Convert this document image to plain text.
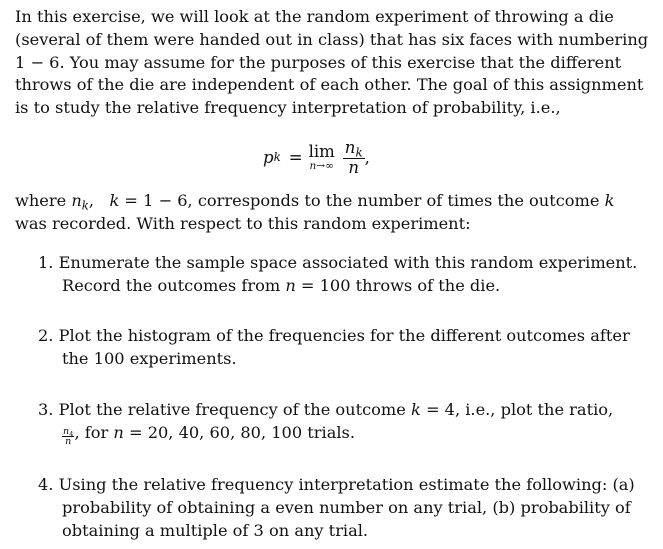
In this exercise, we will look at the random experiment of throwing a die
(several of them were handed out in class) that has six faces with numbering
1 − 6. You may assume for the purposes of this exercise that the different
throws of the die are independent of each other. The goal of this assignment
is to study the relative frequency interpretation of probability, i.e.,

p k = lim
$n\to\infty \frac{n_k}{n}$ ,

where $n_k$,   k = 1 − 6, corresponds to the number of times the outcome k
was recorded. With respect to this random experiment:

1. Enumerate the sample space associated with this random experiment.
Record the outcomes from n = 100 throws of the die.
2. Plot the histogram of the frequencies for the different outcomes after
the 100 experiments.
3. Plot the relative frequency of the outcome k = 4, i.e., plot the ratio,
$\frac{n_4}{n}$ , for n = 20, 40, 60, 80, 100 trials.
4. Using the relative frequency interpretation estimate the following: (a)
probability of obtaining a even number on any trial, (b) probability of
obtaining a multiple of 3 on any trial.
